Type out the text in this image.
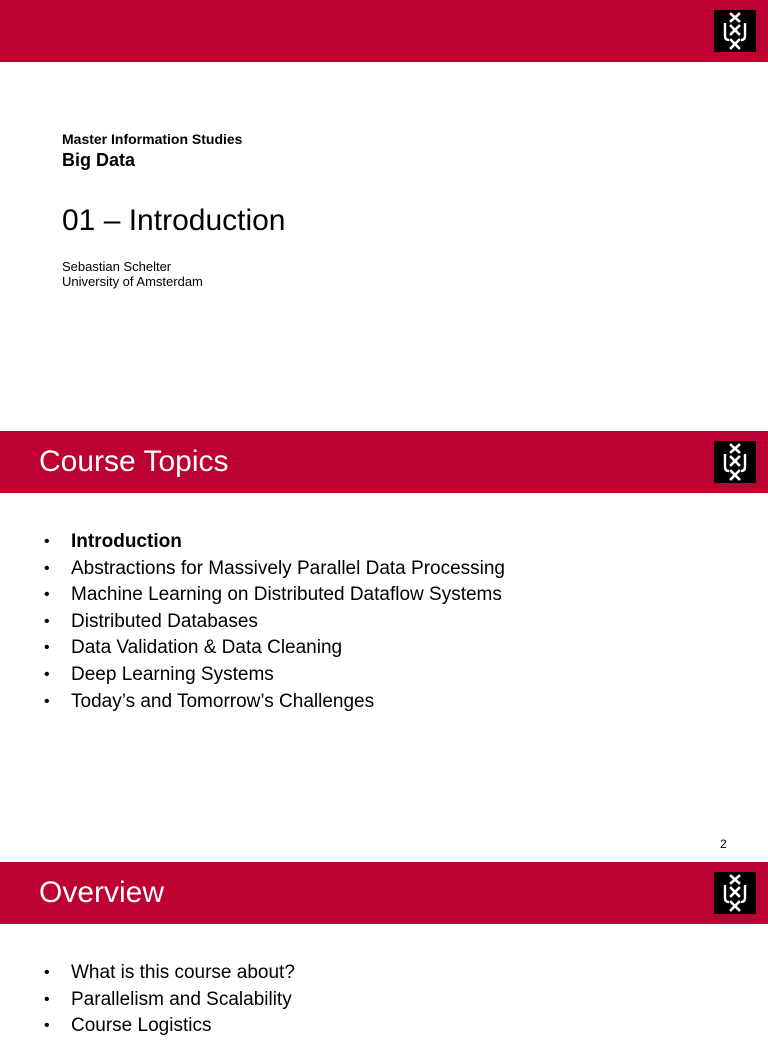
Master Information Studies
Big Data
01 – Introduction
Sebastian Schelter
University of Amsterdam
Course Topics
•	Introduction
•	Abstractions for Massively Parallel Data Processing
•	Machine Learning on Distributed Dataflow Systems
•	Distributed Databases
•	Data Validation & Data Cleaning
•	Deep Learning Systems
•	Today’s and Tomorrow’s Challenges
2
Overview
•	What is this course about?
•	Parallelism and Scalability
•	Course Logistics
